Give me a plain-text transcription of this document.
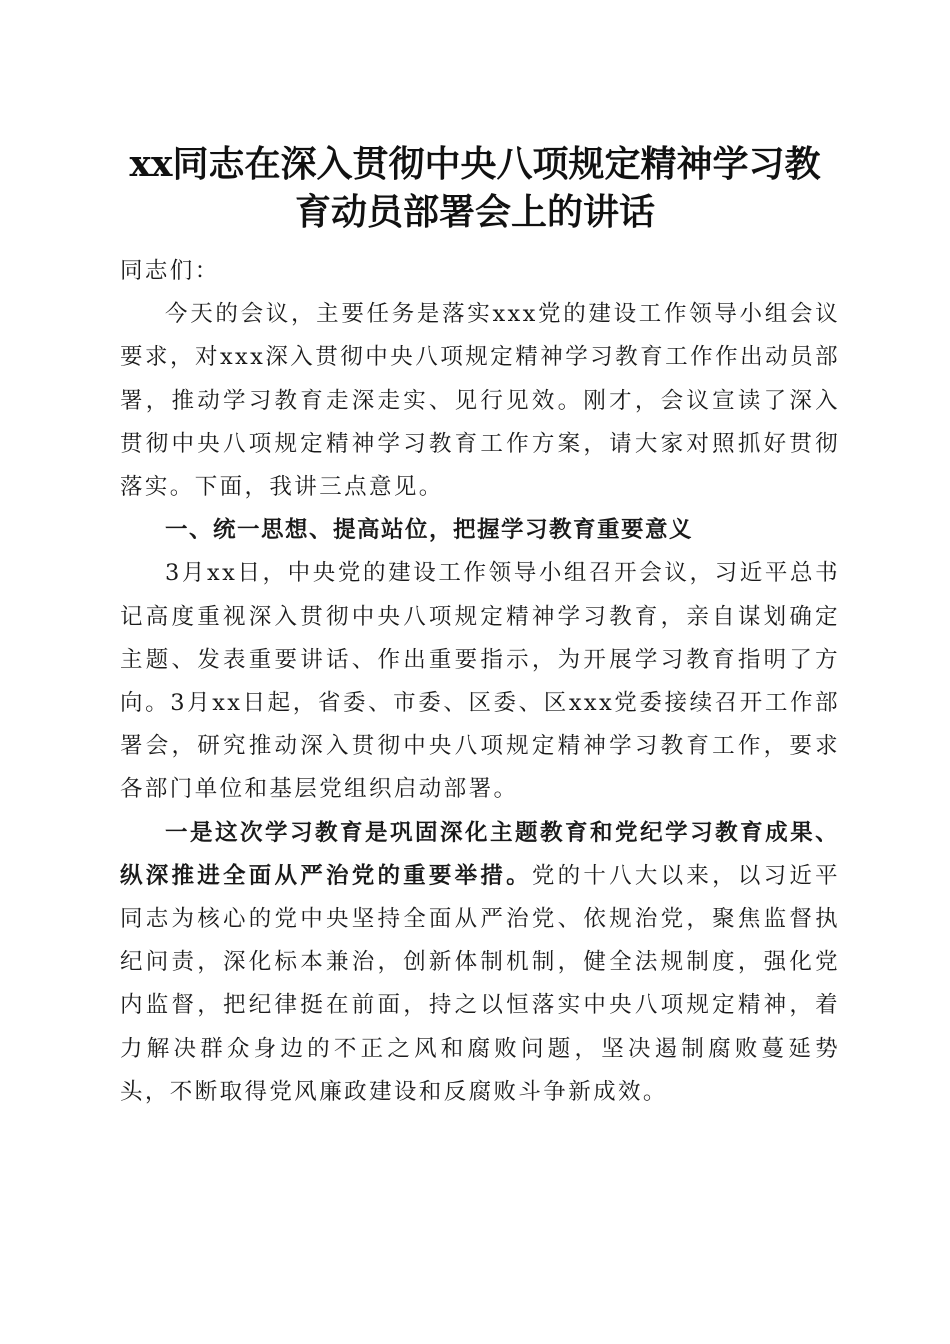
xx同志在深入贯彻中央八项规定精神学习教
育动员部署会上的讲话

同志们：

今天的会议，主要任务是落实xxx党的建设工作领导小组会议要求，对xxx深入贯彻中央八项规定精神学习教育工作作出动员部署，推动学习教育走深走实、见行见效。刚才，会议宣读了深入贯彻中央八项规定精神学习教育工作方案，请大家对照抓好贯彻落实。下面，我讲三点意见。

一、统一思想、提高站位，把握学习教育重要意义

3月xx日，中央党的建设工作领导小组召开会议，习近平总书记高度重视深入贯彻中央八项规定精神学习教育，亲自谋划确定主题、发表重要讲话、作出重要指示，为开展学习教育指明了方向。3月xx日起，省委、市委、区委、区xxx党委接续召开工作部署会，研究推动深入贯彻中央八项规定精神学习教育工作，要求各部门单位和基层党组织启动部署。

一是这次学习教育是巩固深化主题教育和党纪学习教育成果、纵深推进全面从严治党的重要举措。党的十八大以来，以习近平同志为核心的党中央坚持全面从严治党、依规治党，聚焦监督执纪问责，深化标本兼治，创新体制机制，健全法规制度，强化党内监督，把纪律挺在前面，持之以恒落实中央八项规定精神，着力解决群众身边的不正之风和腐败问题，坚决遏制腐败蔓延势头，不断取得党风廉政建设和反腐败斗争新成效。
